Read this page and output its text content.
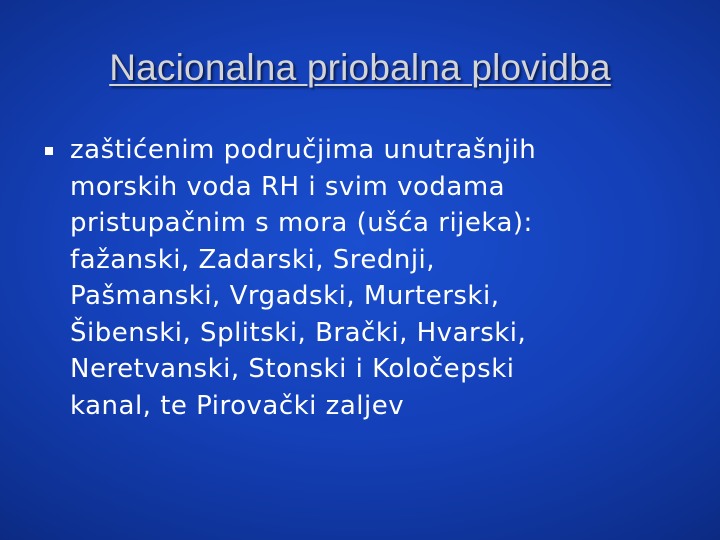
Nacionalna priobalna plovidba
zaštićenim područjima unutrašnjih
morskih voda RH i svim vodama
pristupačnim s mora (ušća rijeka):
fažanski, Zadarski, Srednji,
Pašmanski, Vrgadski, Murterski,
Šibenski, Splitski, Brački, Hvarski,
Neretvanski, Stonski i Koločepski
kanal, te Pirovački zaljev
